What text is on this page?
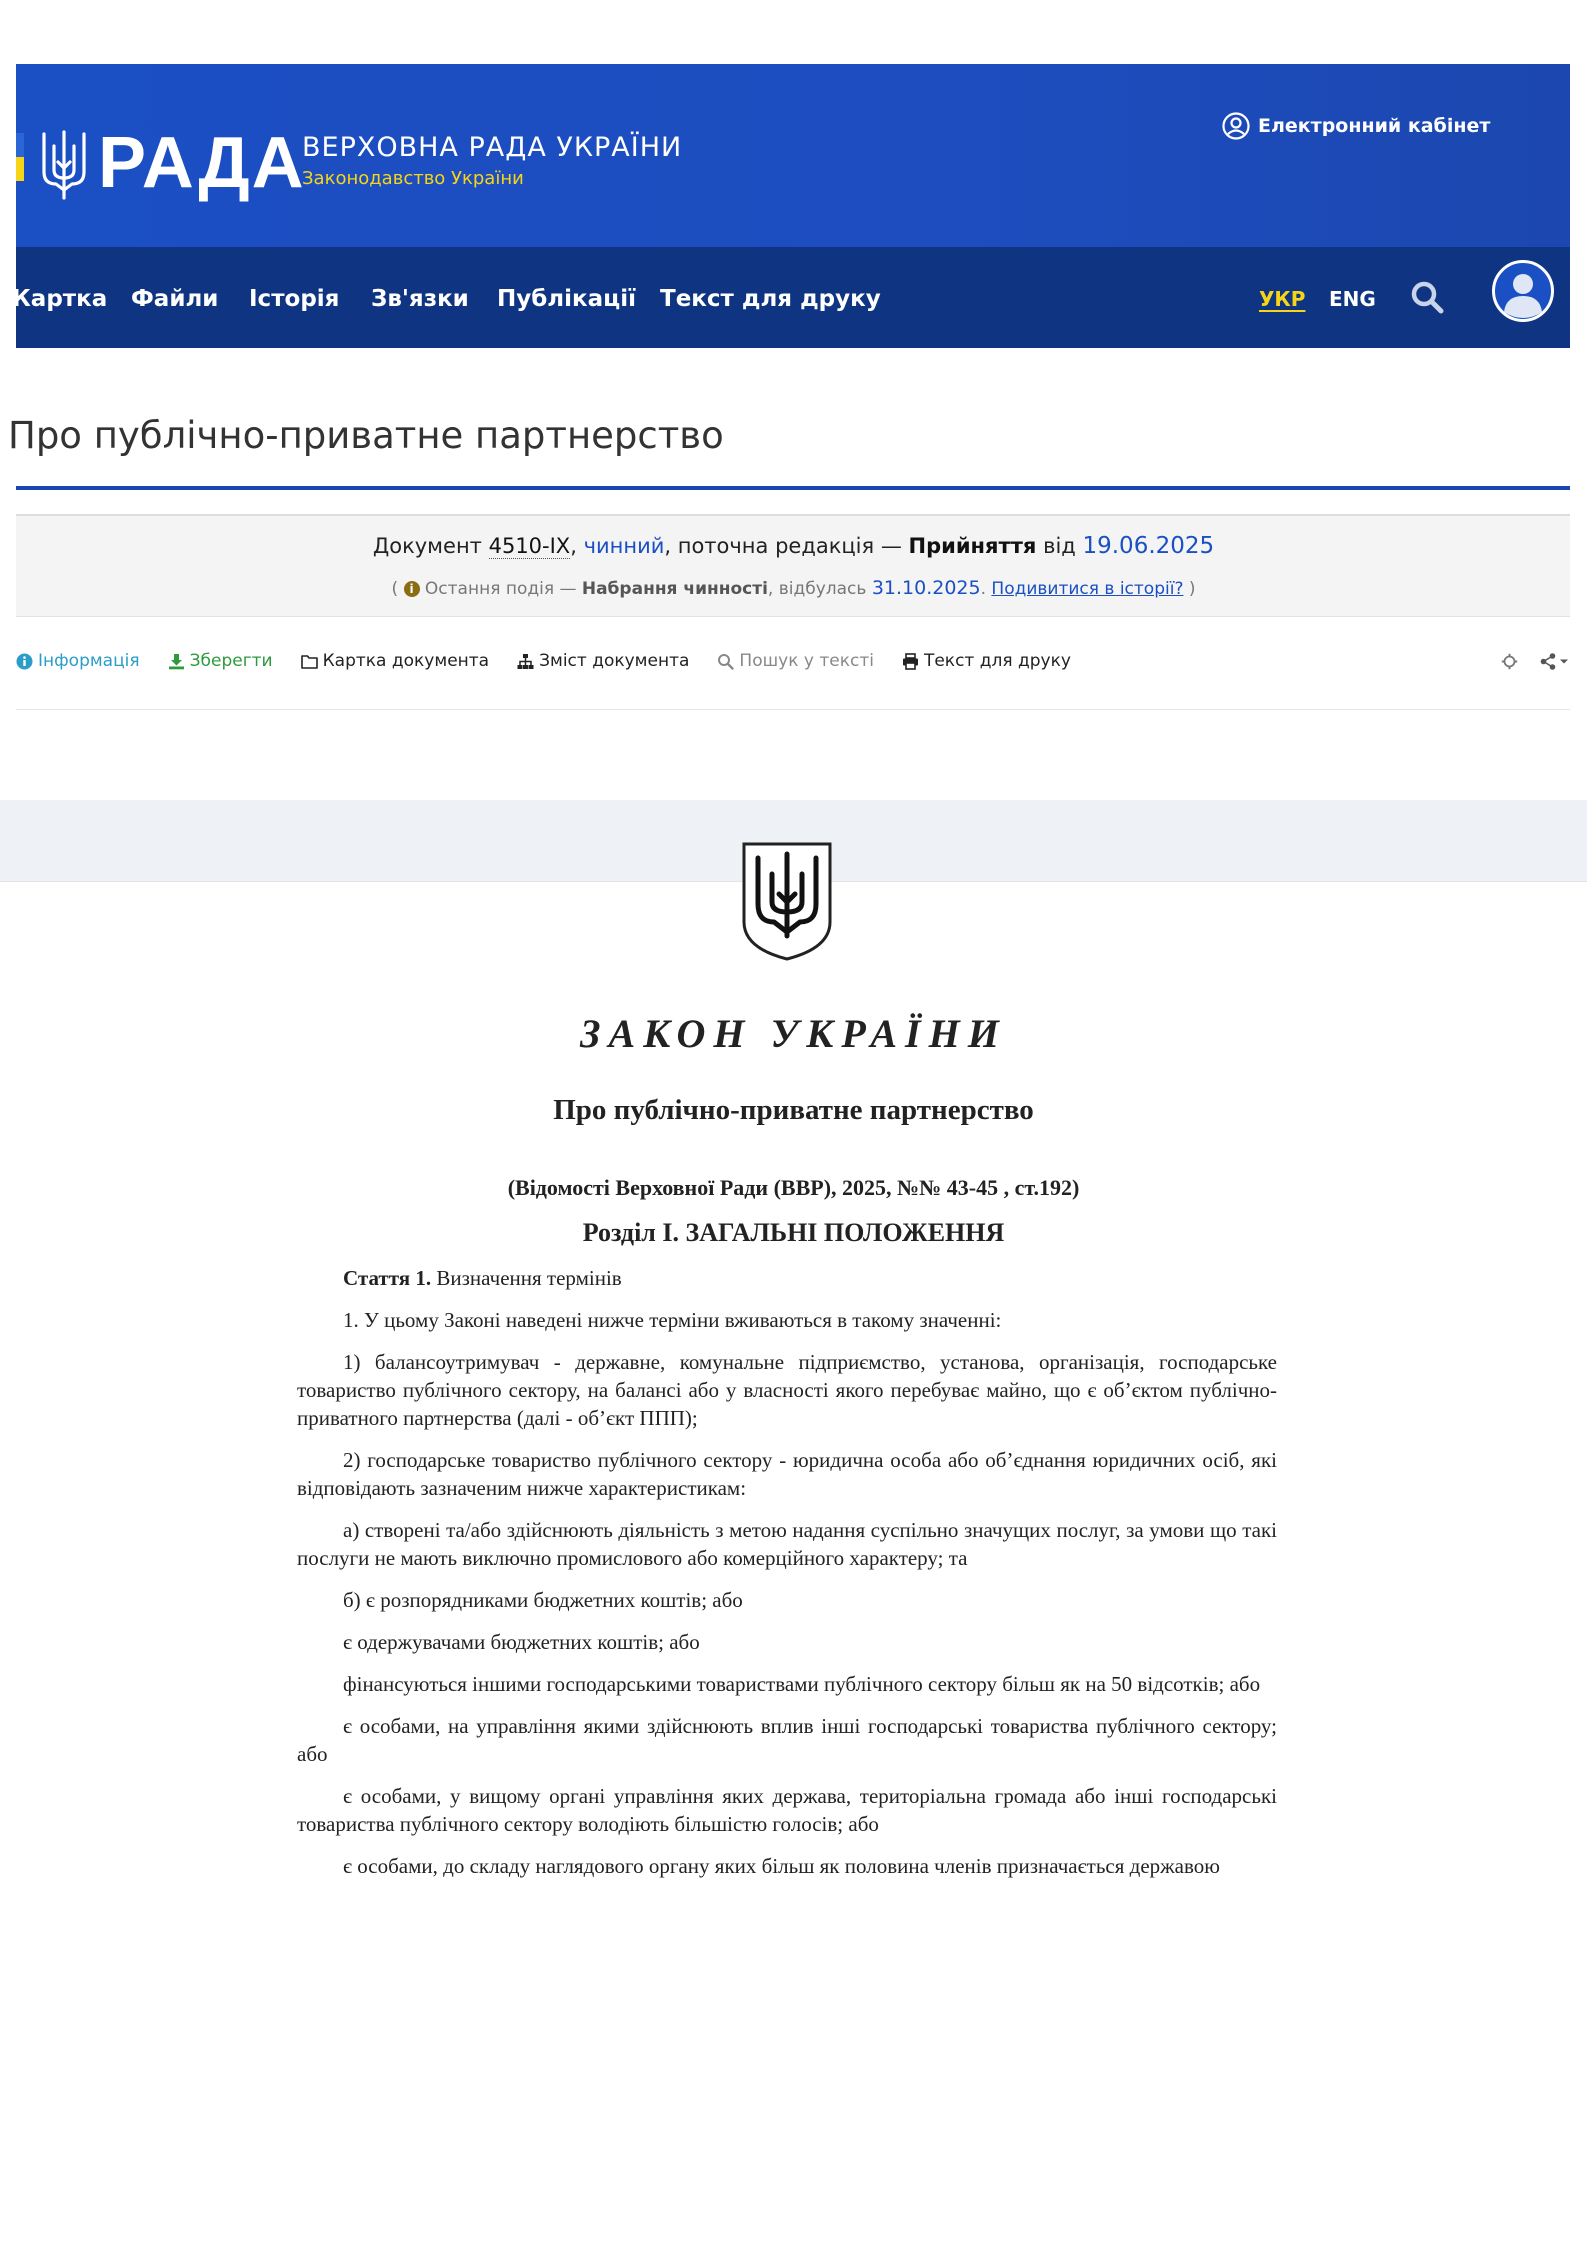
РАДА
ВЕРХОВНА РАДА УКРАЇНИ
Законодавство України
Електронний кабінет
Картка Файли Історія Зв'язки Публікації Текст для друку	УКР ENG
Про публічно-приватне партнерство
Документ 4510-IX, чинний, поточна редакція — Прийняття від 19.06.2025
( i Остання подія — Набрання чинності, відбулась 31.10.2025. Подивитися в історії? )
Інформація	Зберегти	Картка документа	Зміст документа	Пошук у тексті	Текст для друку
ЗАКОН УКРАЇНИ
Про публічно-приватне партнерство
(Відомості Верховної Ради (ВВР), 2025, №№ 43-45 , ст.192)
Розділ I. ЗАГАЛЬНІ ПОЛОЖЕННЯ

Стаття 1. Визначення термінів

1. У цьому Законі наведені нижче терміни вживаються в такому значенні:

1) балансоутримувач - державне, комунальне підприємство, установа, організація, господарське товариство публічного сектору, на балансі або у власності якого перебуває майно, що є об’єктом публічно-приватного партнерства (далі - об’єкт ППП);

2) господарське товариство публічного сектору - юридична особа або об’єднання юридичних осіб, які відповідають зазначеним нижче характеристикам:

а) створені та/або здійснюють діяльність з метою надання суспільно значущих послуг, за умови що такі послуги не мають виключно промислового або комерційного характеру; та

б) є розпорядниками бюджетних коштів; або

є одержувачами бюджетних коштів; або

фінансуються іншими господарськими товариствами публічного сектору більш як на 50 відсотків; або

є особами, на управління якими здійснюють вплив інші господарські товариства публічного сектору; або

є особами, у вищому органі управління яких держава, територіальна громада або інші господарські товариства публічного сектору володіють більшістю голосів; або

є особами, до складу наглядового органу яких більш як половина членів призначається державою
